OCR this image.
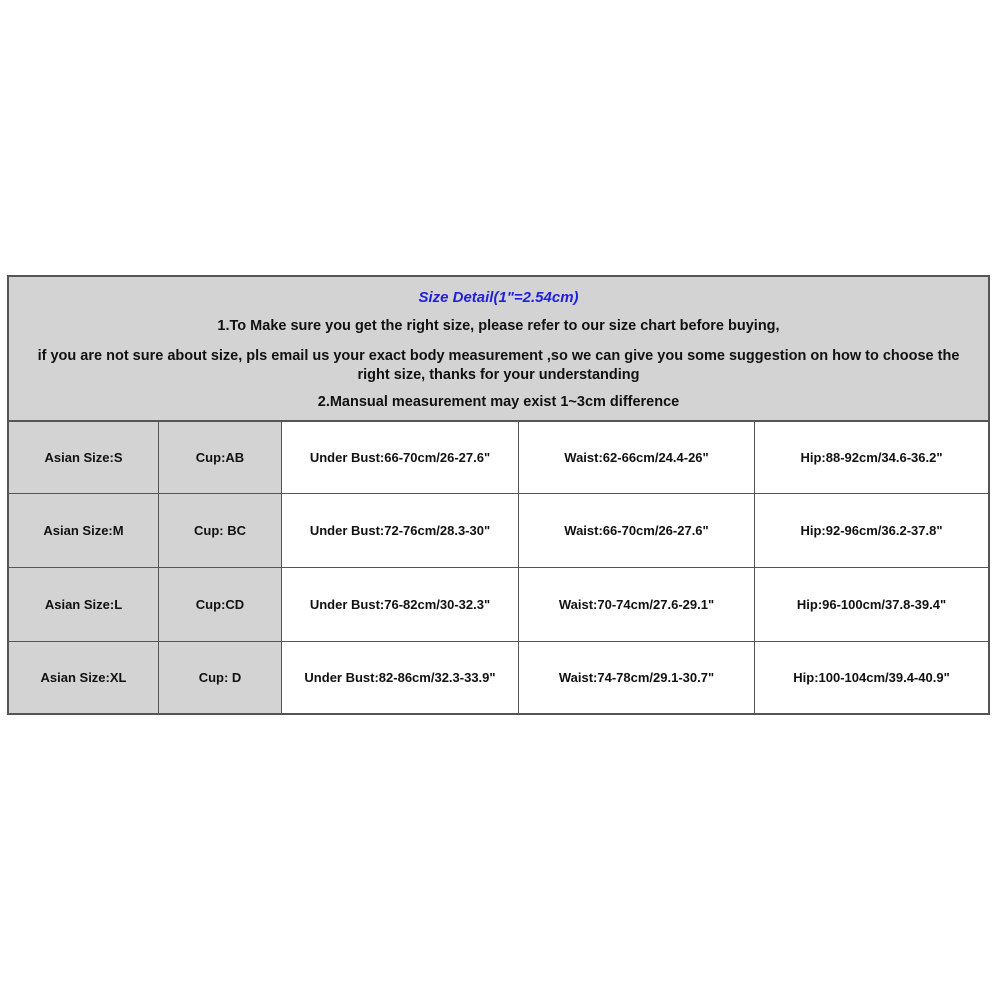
Size Detail(1"=2.54cm)
1.To Make sure you get the right size, please refer to our size chart before buying,
if you are not sure about size, pls email us your exact body measurement ,so we can give you some suggestion on how to choose the right size, thanks for your understanding
2.Mansual measurement may exist 1~3cm difference
Asian Size:S	Cup:AB	Under Bust:66-70cm/26-27.6"	Waist:62-66cm/24.4-26"	Hip:88-92cm/34.6-36.2"
Asian Size:M	Cup: BC	Under Bust:72-76cm/28.3-30"	Waist:66-70cm/26-27.6"	Hip:92-96cm/36.2-37.8"
Asian Size:L	Cup:CD	Under Bust:76-82cm/30-32.3"	Waist:70-74cm/27.6-29.1"	Hip:96-100cm/37.8-39.4"
Asian Size:XL	Cup: D	Under Bust:82-86cm/32.3-33.9"	Waist:74-78cm/29.1-30.7"	Hip:100-104cm/39.4-40.9"
